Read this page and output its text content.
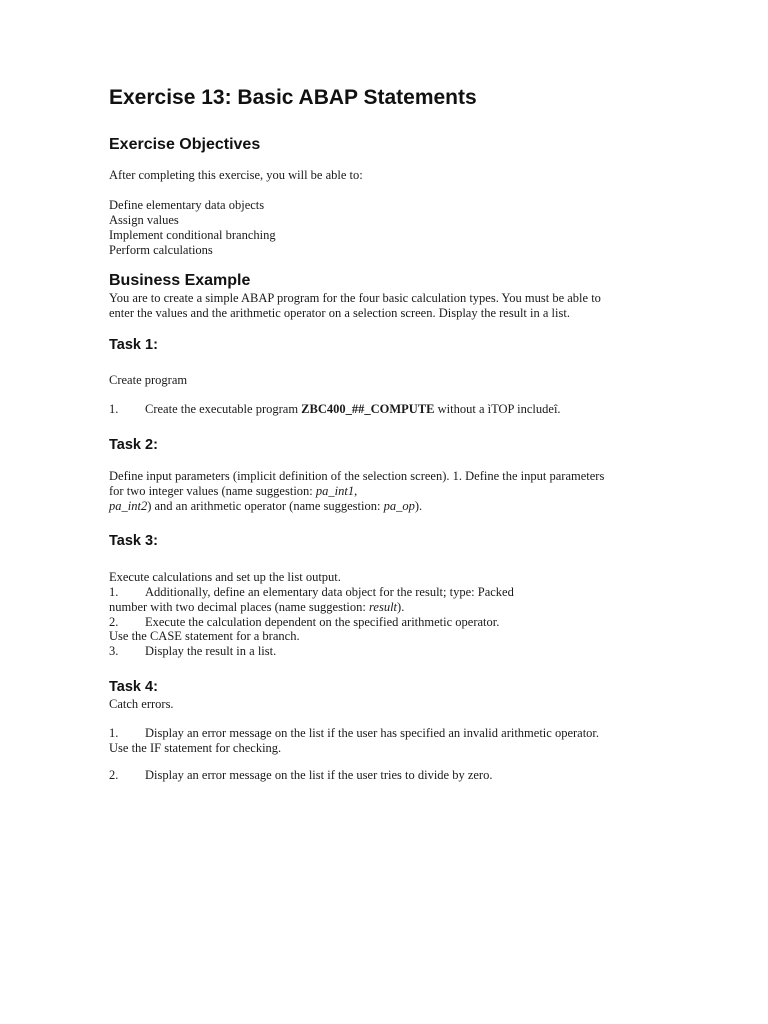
Exercise 13: Basic ABAP Statements
Exercise Objectives
After completing this exercise, you will be able to:
Define elementary data objects
Assign values
Implement conditional branching
Perform calculations
Business Example
You are to create a simple ABAP program for the four basic calculation types. You must be able to
enter the values and the arithmetic operator on a selection screen. Display the result in a list.
Task 1:
Create program
1. Create the executable program ZBC400_##_COMPUTE without a ìTOP includeî.
Task 2:
Define input parameters (implicit definition of the selection screen). 1. Define the input parameters
for two integer values (name suggestion: pa_int1,
pa_int2) and an arithmetic operator (name suggestion: pa_op).
Task 3:
Execute calculations and set up the list output.
1. Additionally, define an elementary data object for the result; type: Packed
number with two decimal places (name suggestion: result).
2. Execute the calculation dependent on the specified arithmetic operator.
Use the CASE statement for a branch.
3. Display the result in a list.
Task 4:
Catch errors.
1. Display an error message on the list if the user has specified an invalid arithmetic operator.
Use the IF statement for checking.
2. Display an error message on the list if the user tries to divide by zero.
